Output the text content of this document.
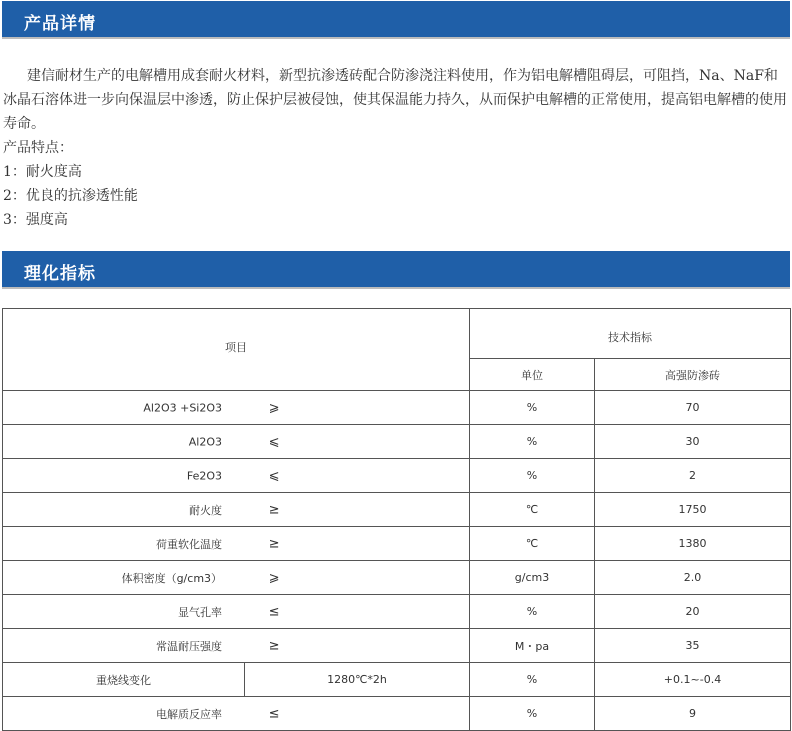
产品详情

建信耐材生产的电解槽用成套耐火材料，新型抗渗透砖配合防渗浇注料使用，作为铝电解槽阻碍层，可阻挡，Na、NaF和冰晶石溶体进一步向保温层中渗透，防止保护层被侵蚀，使其保温能力持久，从而保护电解槽的正常使用，提高铝电解槽的使用寿命。

产品特点：

1：耐火度高

2：优良的抗渗透性能

3：强度高

理化指标
项目		技术指标	
		单位	高强防渗砖

Al2O3 +Si2O3 ⩾		%	70

Al2O3 ⩽		%	30

Fe2O3 ⩽		%	2

耐火度 ≥		℃	1750

荷重软化温度 ≥		℃	1380

体积密度（g/cm3） ⩾		g/cm3	2.0

显气孔率 ≤		%	20

常温耐压强度 ≥		M・pa	35
重烧线变化	1280℃*2h	%	+0.1~-0.4

电解质反应率 ≤		%	9
